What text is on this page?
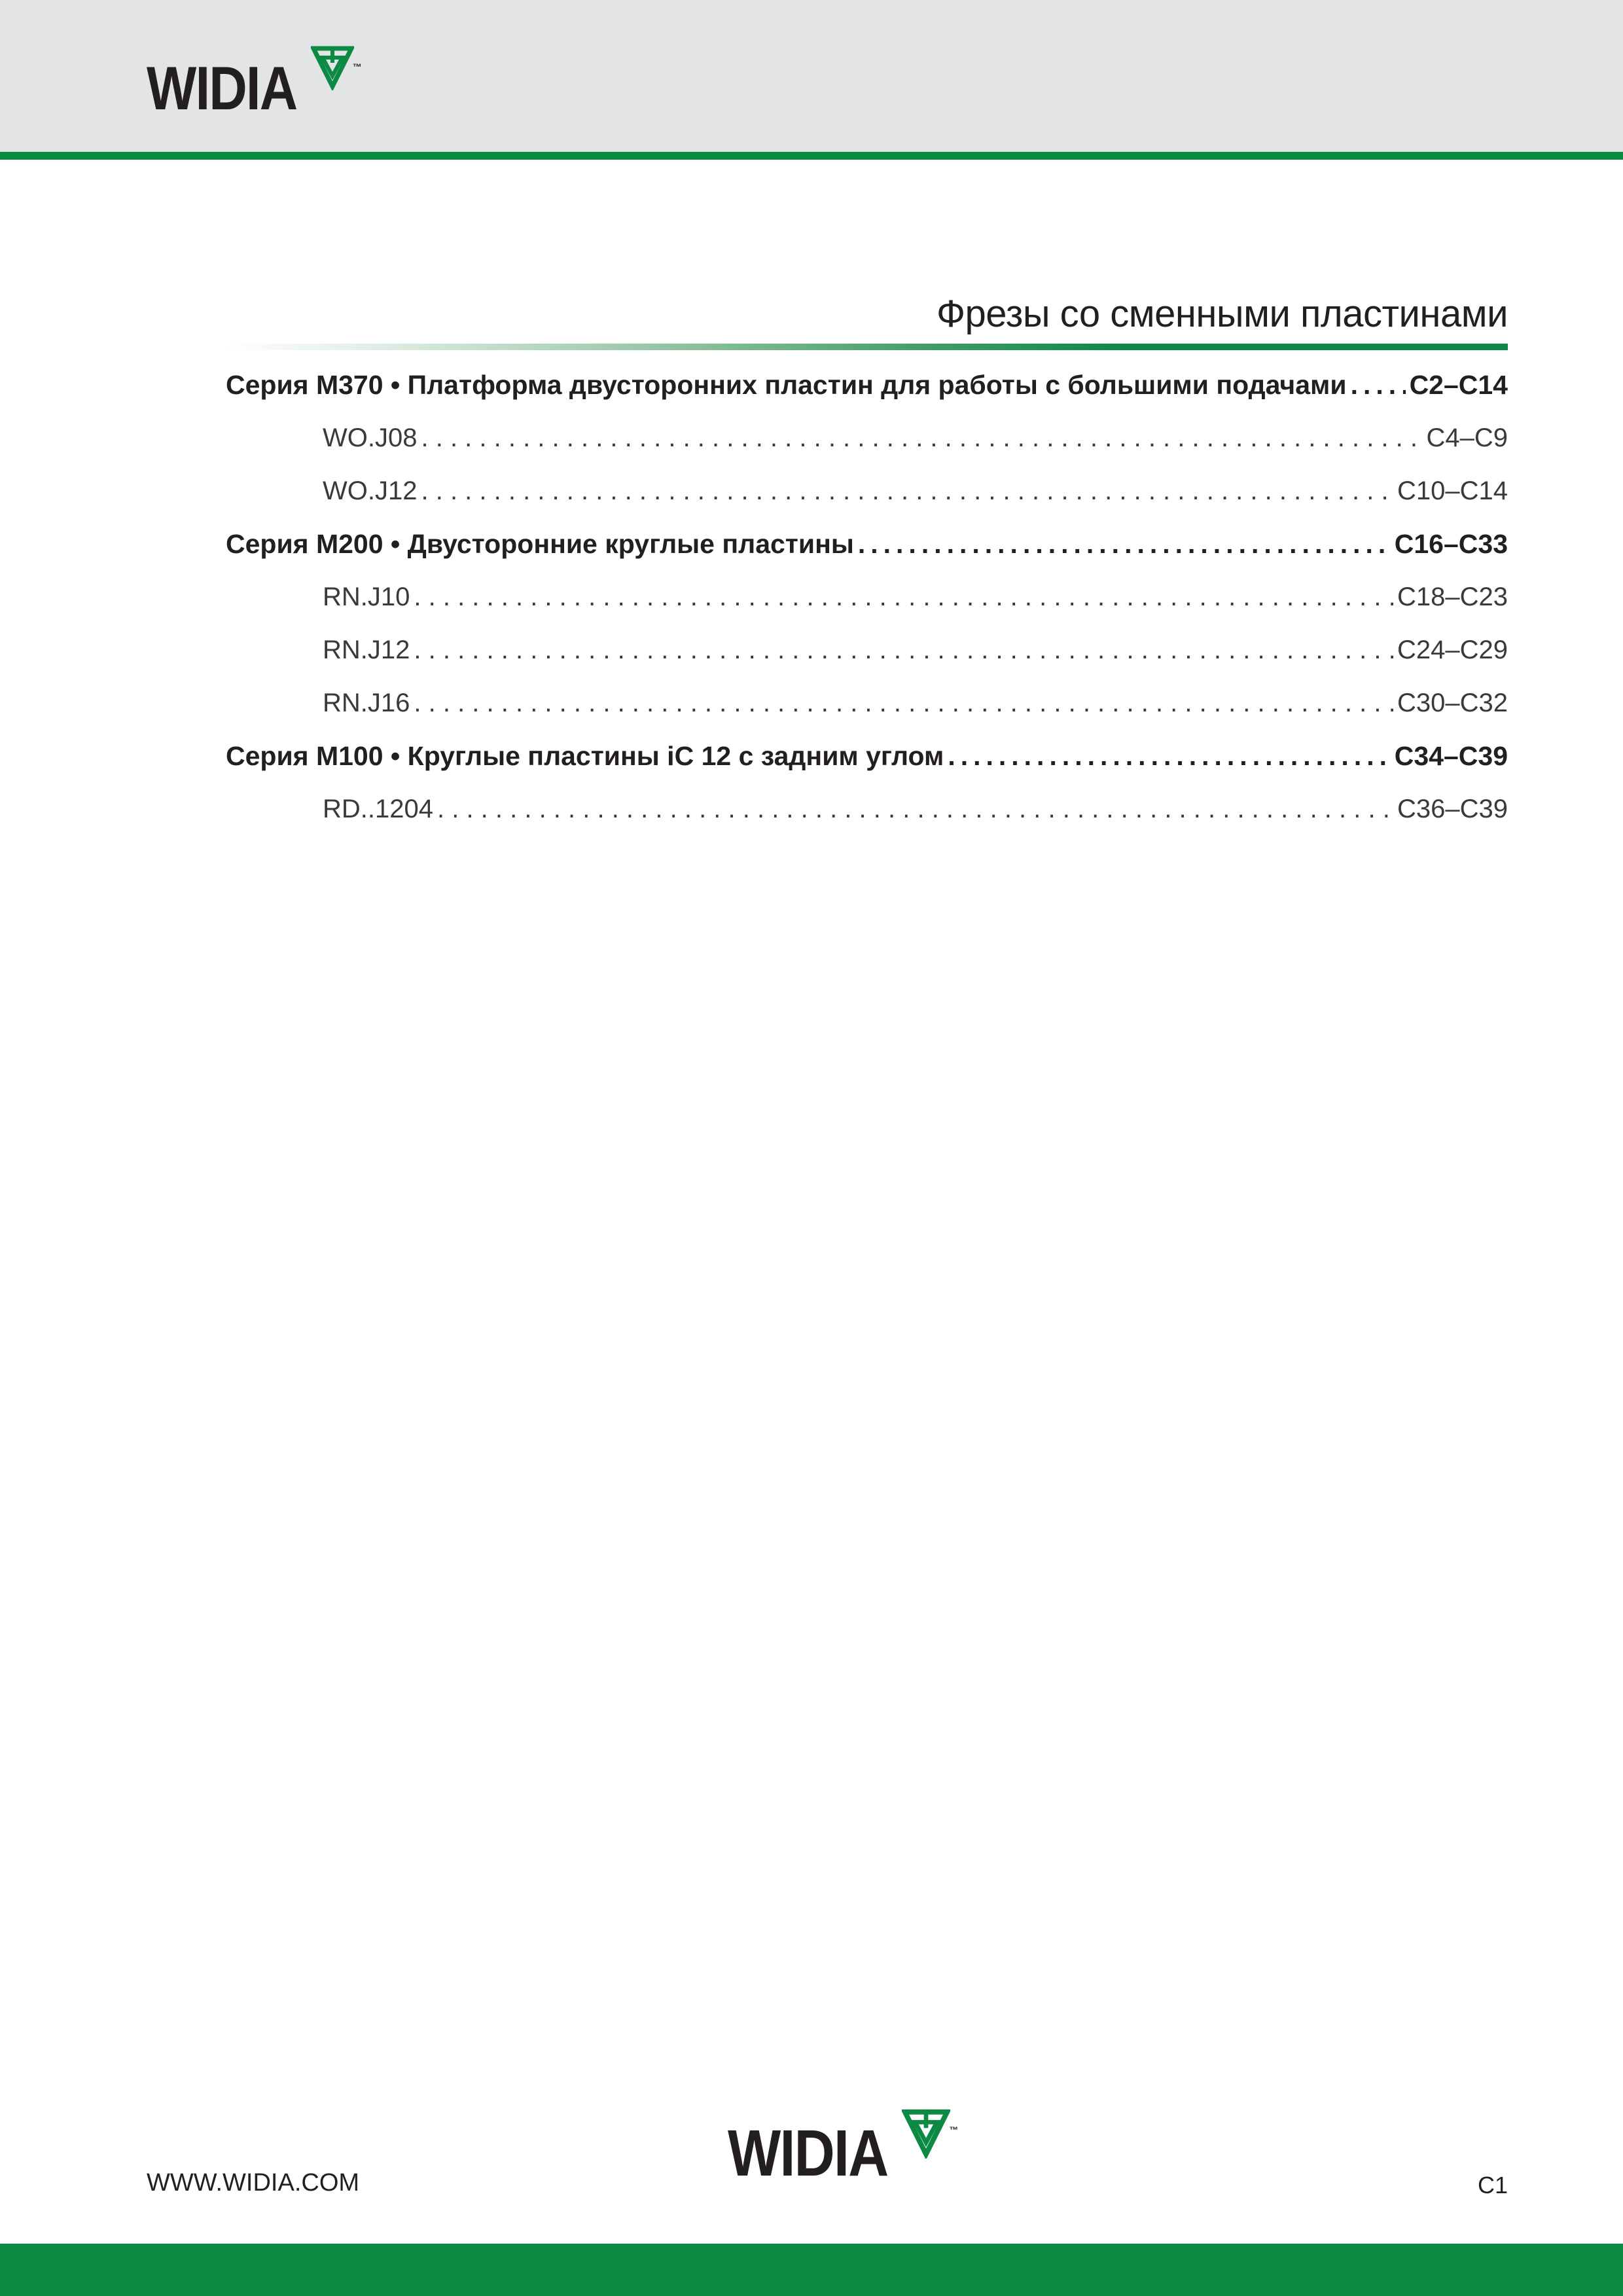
WIDIA	™
Фрезы со сменными пластинами
Серия M370 • Платформа двусторонних пластин для работы с большими подачами ..... C2–C14
WO.J08 . . .	C4–C9
WO.J12 . . .	C10–C14
Серия M200 • Двусторонние круглые пластины .....	C16–C33
RN.J10 . . .	C18–C23
RN.J12 . . .	C24–C29
RN.J16 . . .	C30–C32
Серия M100 • Круглые пластины iC 12 с задним углом .....	C34–C39
RD..1204 . . .	C36–C39
WWW.WIDIA.COM	WIDIA	™
C1
